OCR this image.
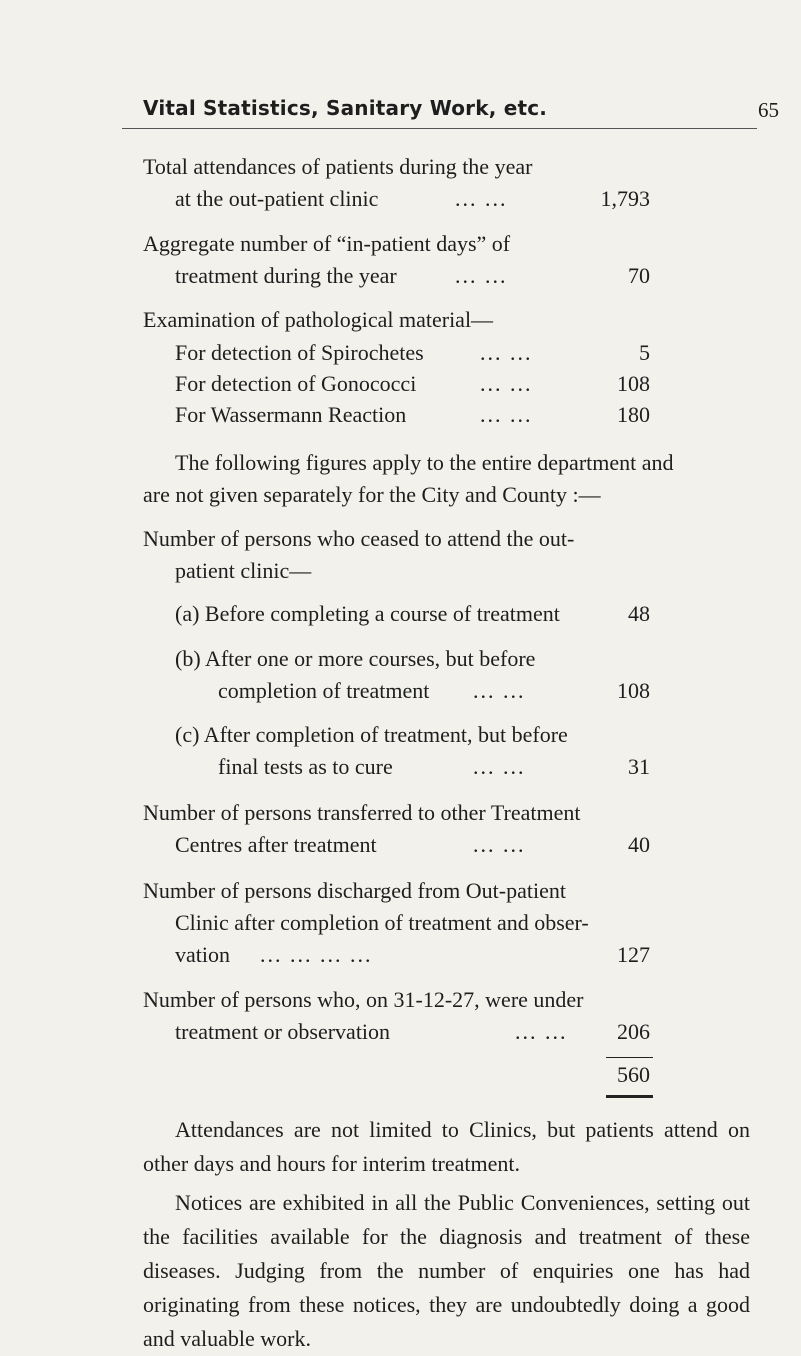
Vital Statistics, Sanitary Work, etc.	65
Total attendances of patients during the year
at the out-patient clinic	... ...	1,793
Aggregate number of “in-patient days” of
treatment during the year	... ...	70
Examination of pathological material—
For detection of Spirochetes	... ...	5
For detection of Gonococci	... ...	108
For Wassermann Reaction	... ...	180
The following figures apply to the entire department and
are not given separately for the City and County :—
Number of persons who ceased to attend the out-
patient clinic—
(a) Before completing a course of treatment	48
(b) After one or more courses, but before
completion of treatment ... ...	108
(c) After completion of treatment, but before
final tests as to cure	... ...	31
Number of persons transferred to other Treatment
Centres after treatment	... ...	40
Number of persons discharged from Out-patient
Clinic after completion of treatment and obser-
vation ... ... ... ...	127
Number of persons who, on 31-12-27, were under
treatment or observation	... ... 206
560
Attendances are not limited to Clinics, but patients attend on other days and hours for interim treatment.
Notices are exhibited in all the Public Conveniences, setting out the facilities available for the diagnosis and treatment of these diseases. Judging from the number of enquiries one has had originating from these notices, they are undoubtedly doing a good and valuable work.
